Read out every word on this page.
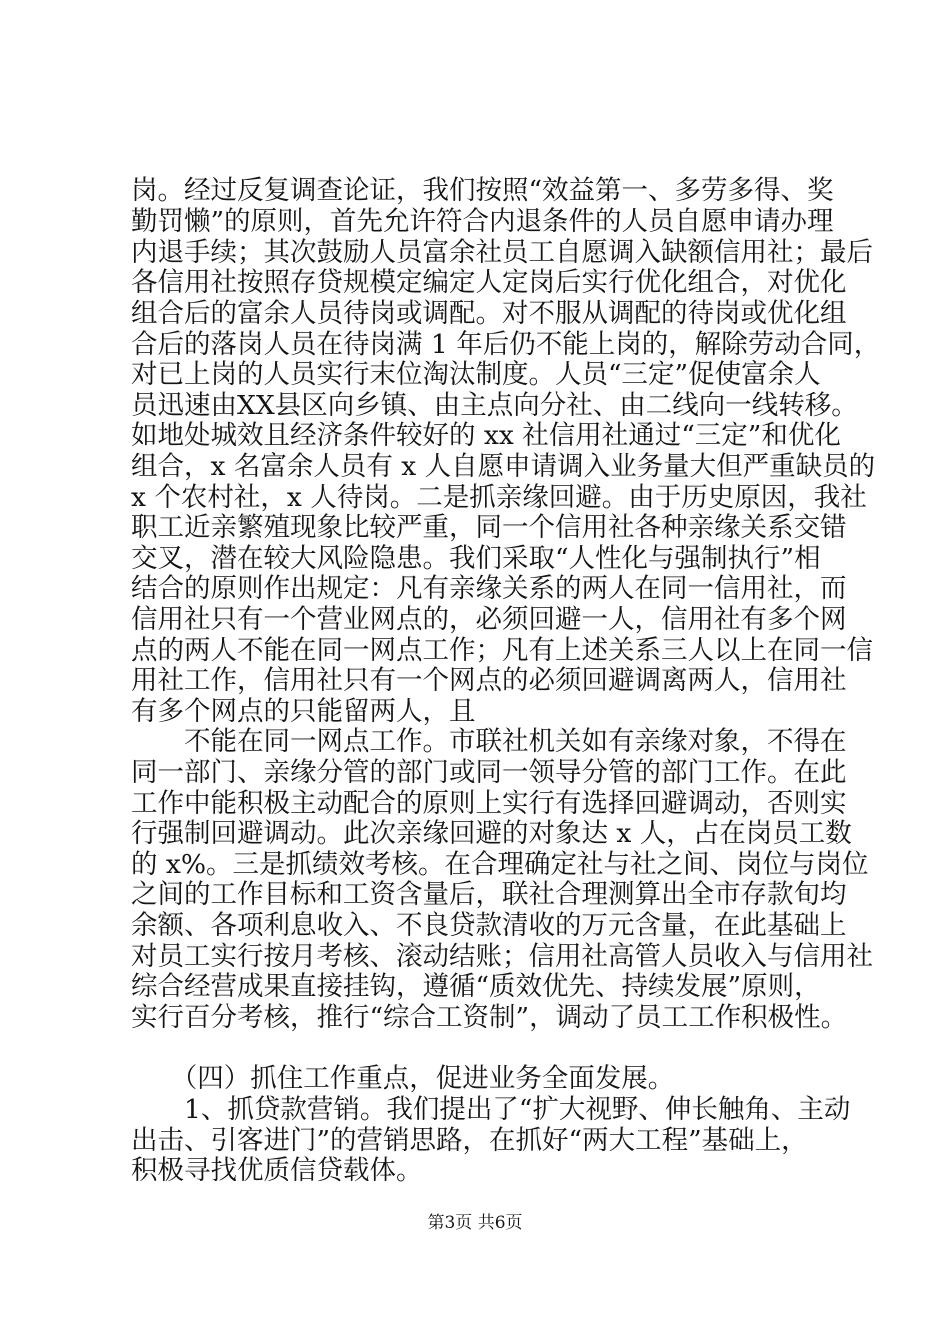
岗。经过反复调查论证，我们按照“效益第一、多劳多得、奖
勤罚懒”的原则，首先允许符合内退条件的人员自愿申请办理
内退手续；其次鼓励人员富余社员工自愿调入缺额信用社；最后
各信用社按照存贷规模定编定人定岗后实行优化组合，对优化
组合后的富余人员待岗或调配。对不服从调配的待岗或优化组
合后的落岗人员在待岗满 1 年后仍不能上岗的，解除劳动合同，
对已上岗的人员实行末位淘汰制度。人员“三定”促使富余人
员迅速由XX县区向乡镇、由主点向分社、由二线向一线转移。
如地处城效且经济条件较好的 xx 社信用社通过“三定”和优化
组合，x 名富余人员有 x 人自愿申请调入业务量大但严重缺员的
x 个农村社，x 人待岗。二是抓亲缘回避。由于历史原因，我社
职工近亲繁殖现象比较严重，同一个信用社各种亲缘关系交错
交叉，潜在较大风险隐患。我们采取“人性化与强制执行”相
结合的原则作出规定：凡有亲缘关系的两人在同一信用社，而
信用社只有一个营业网点的，必须回避一人，信用社有多个网
点的两人不能在同一网点工作；凡有上述关系三人以上在同一信
用社工作，信用社只有一个网点的必须回避调离两人，信用社
有多个网点的只能留两人，且
　　不能在同一网点工作。市联社机关如有亲缘对象，不得在
同一部门、亲缘分管的部门或同一领导分管的部门工作。在此
工作中能积极主动配合的原则上实行有选择回避调动，否则实
行强制回避调动。此次亲缘回避的对象达 x 人，占在岗员工数
的 x%。三是抓绩效考核。在合理确定社与社之间、岗位与岗位
之间的工作目标和工资含量后，联社合理测算出全市存款旬均
余额、各项利息收入、不良贷款清收的万元含量，在此基础上
对员工实行按月考核、滚动结账；信用社高管人员收入与信用社
综合经营成果直接挂钩，遵循“质效优先、持续发展”原则，
实行百分考核，推行“综合工资制”，调动了员工工作积极性。
　　（四）抓住工作重点，促进业务全面发展。
　　1、抓贷款营销。我们提出了“扩大视野、伸长触角、主动
出击、引客进门”的营销思路，在抓好“两大工程”基础上，
积极寻找优质信贷载体。
第3页 共6页
